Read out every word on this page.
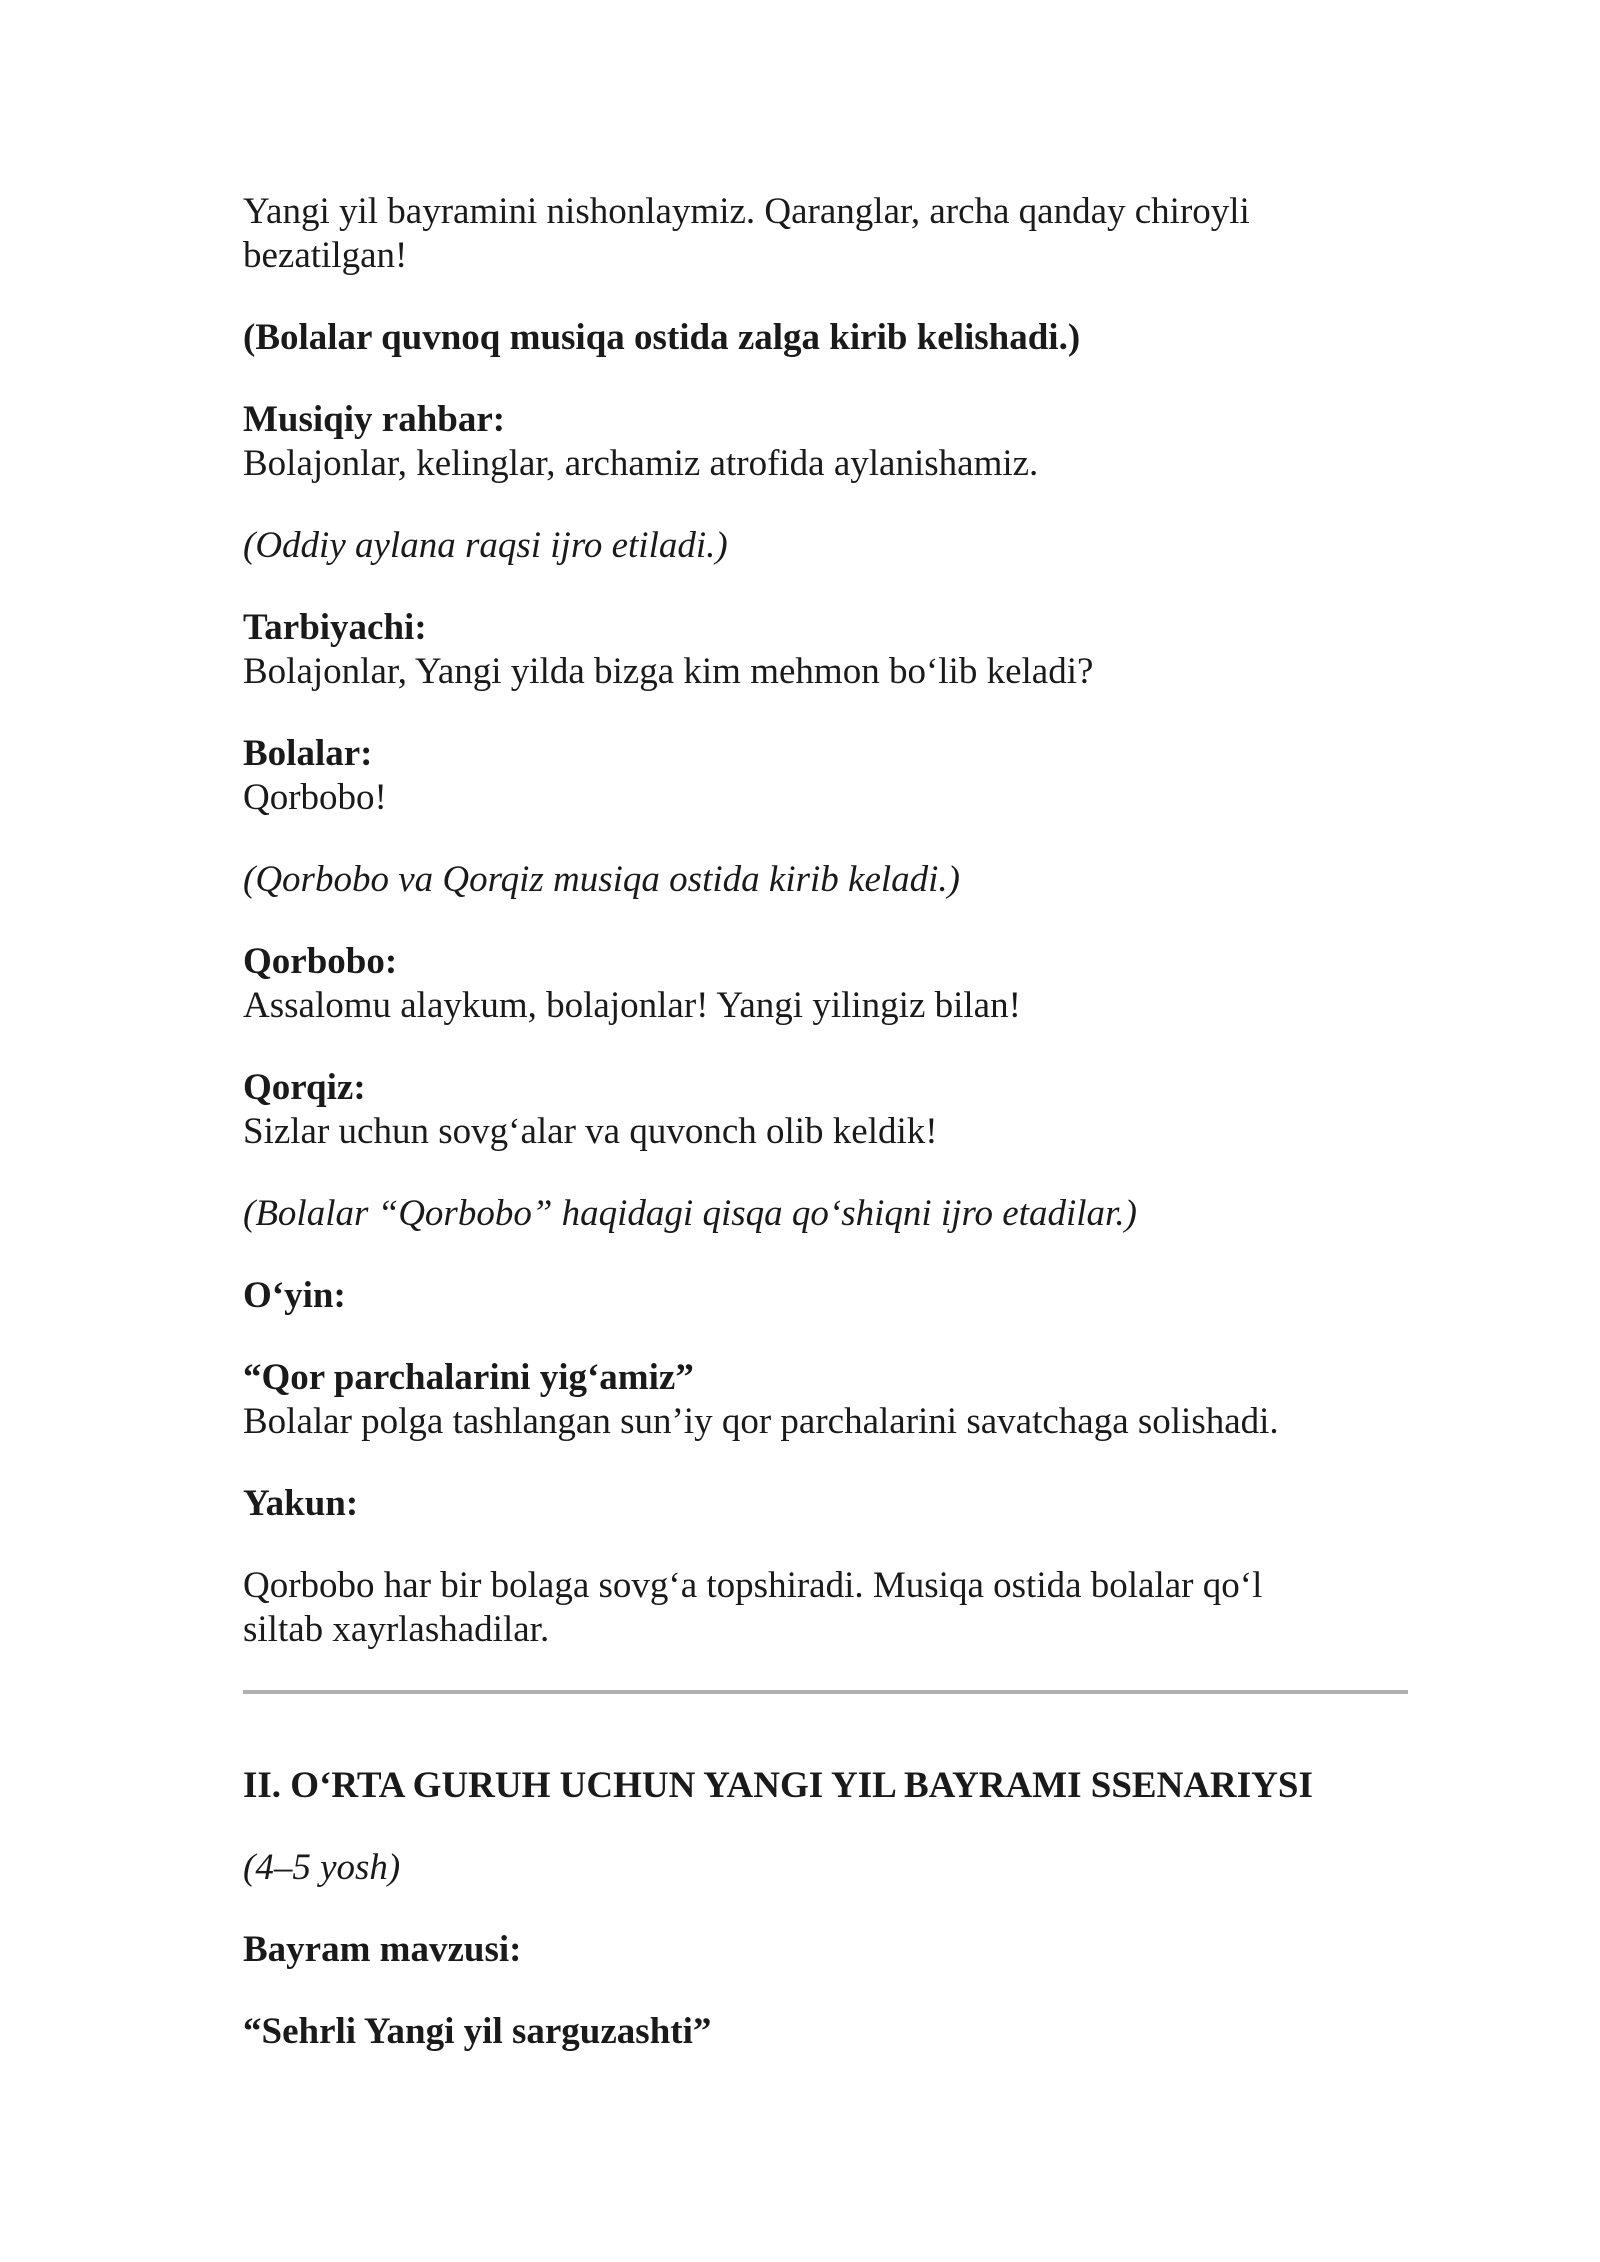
Yangi yil bayramini nishonlaymiz. Qaranglar, archa qanday chiroyli
bezatilgan!

(Bolalar quvnoq musiqa ostida zalga kirib kelishadi.)

Musiqiy rahbar:
Bolajonlar, kelinglar, archamiz atrofida aylanishamiz.

(Oddiy aylana raqsi ijro etiladi.)

Tarbiyachi:
Bolajonlar, Yangi yilda bizga kim mehmon bo‘lib keladi?

Bolalar:
Qorbobo!

(Qorbobo va Qorqiz musiqa ostida kirib keladi.)

Qorbobo:
Assalomu alaykum, bolajonlar! Yangi yilingiz bilan!

Qorqiz:
Sizlar uchun sovg‘alar va quvonch olib keldik!

(Bolalar “Qorbobo” haqidagi qisqa qo‘shiqni ijro etadilar.)

O‘yin:

“Qor parchalarini yig‘amiz”
Bolalar polga tashlangan sun’iy qor parchalarini savatchaga solishadi.

Yakun:

Qorbobo har bir bolaga sovg‘a topshiradi. Musiqa ostida bolalar qo‘l
siltab xayrlashadilar.

II. O‘RTA GURUH UCHUN YANGI YIL BAYRAMI SSENARIYSI

(4–5 yosh)

Bayram mavzusi:

“Sehrli Yangi yil sarguzashti”
